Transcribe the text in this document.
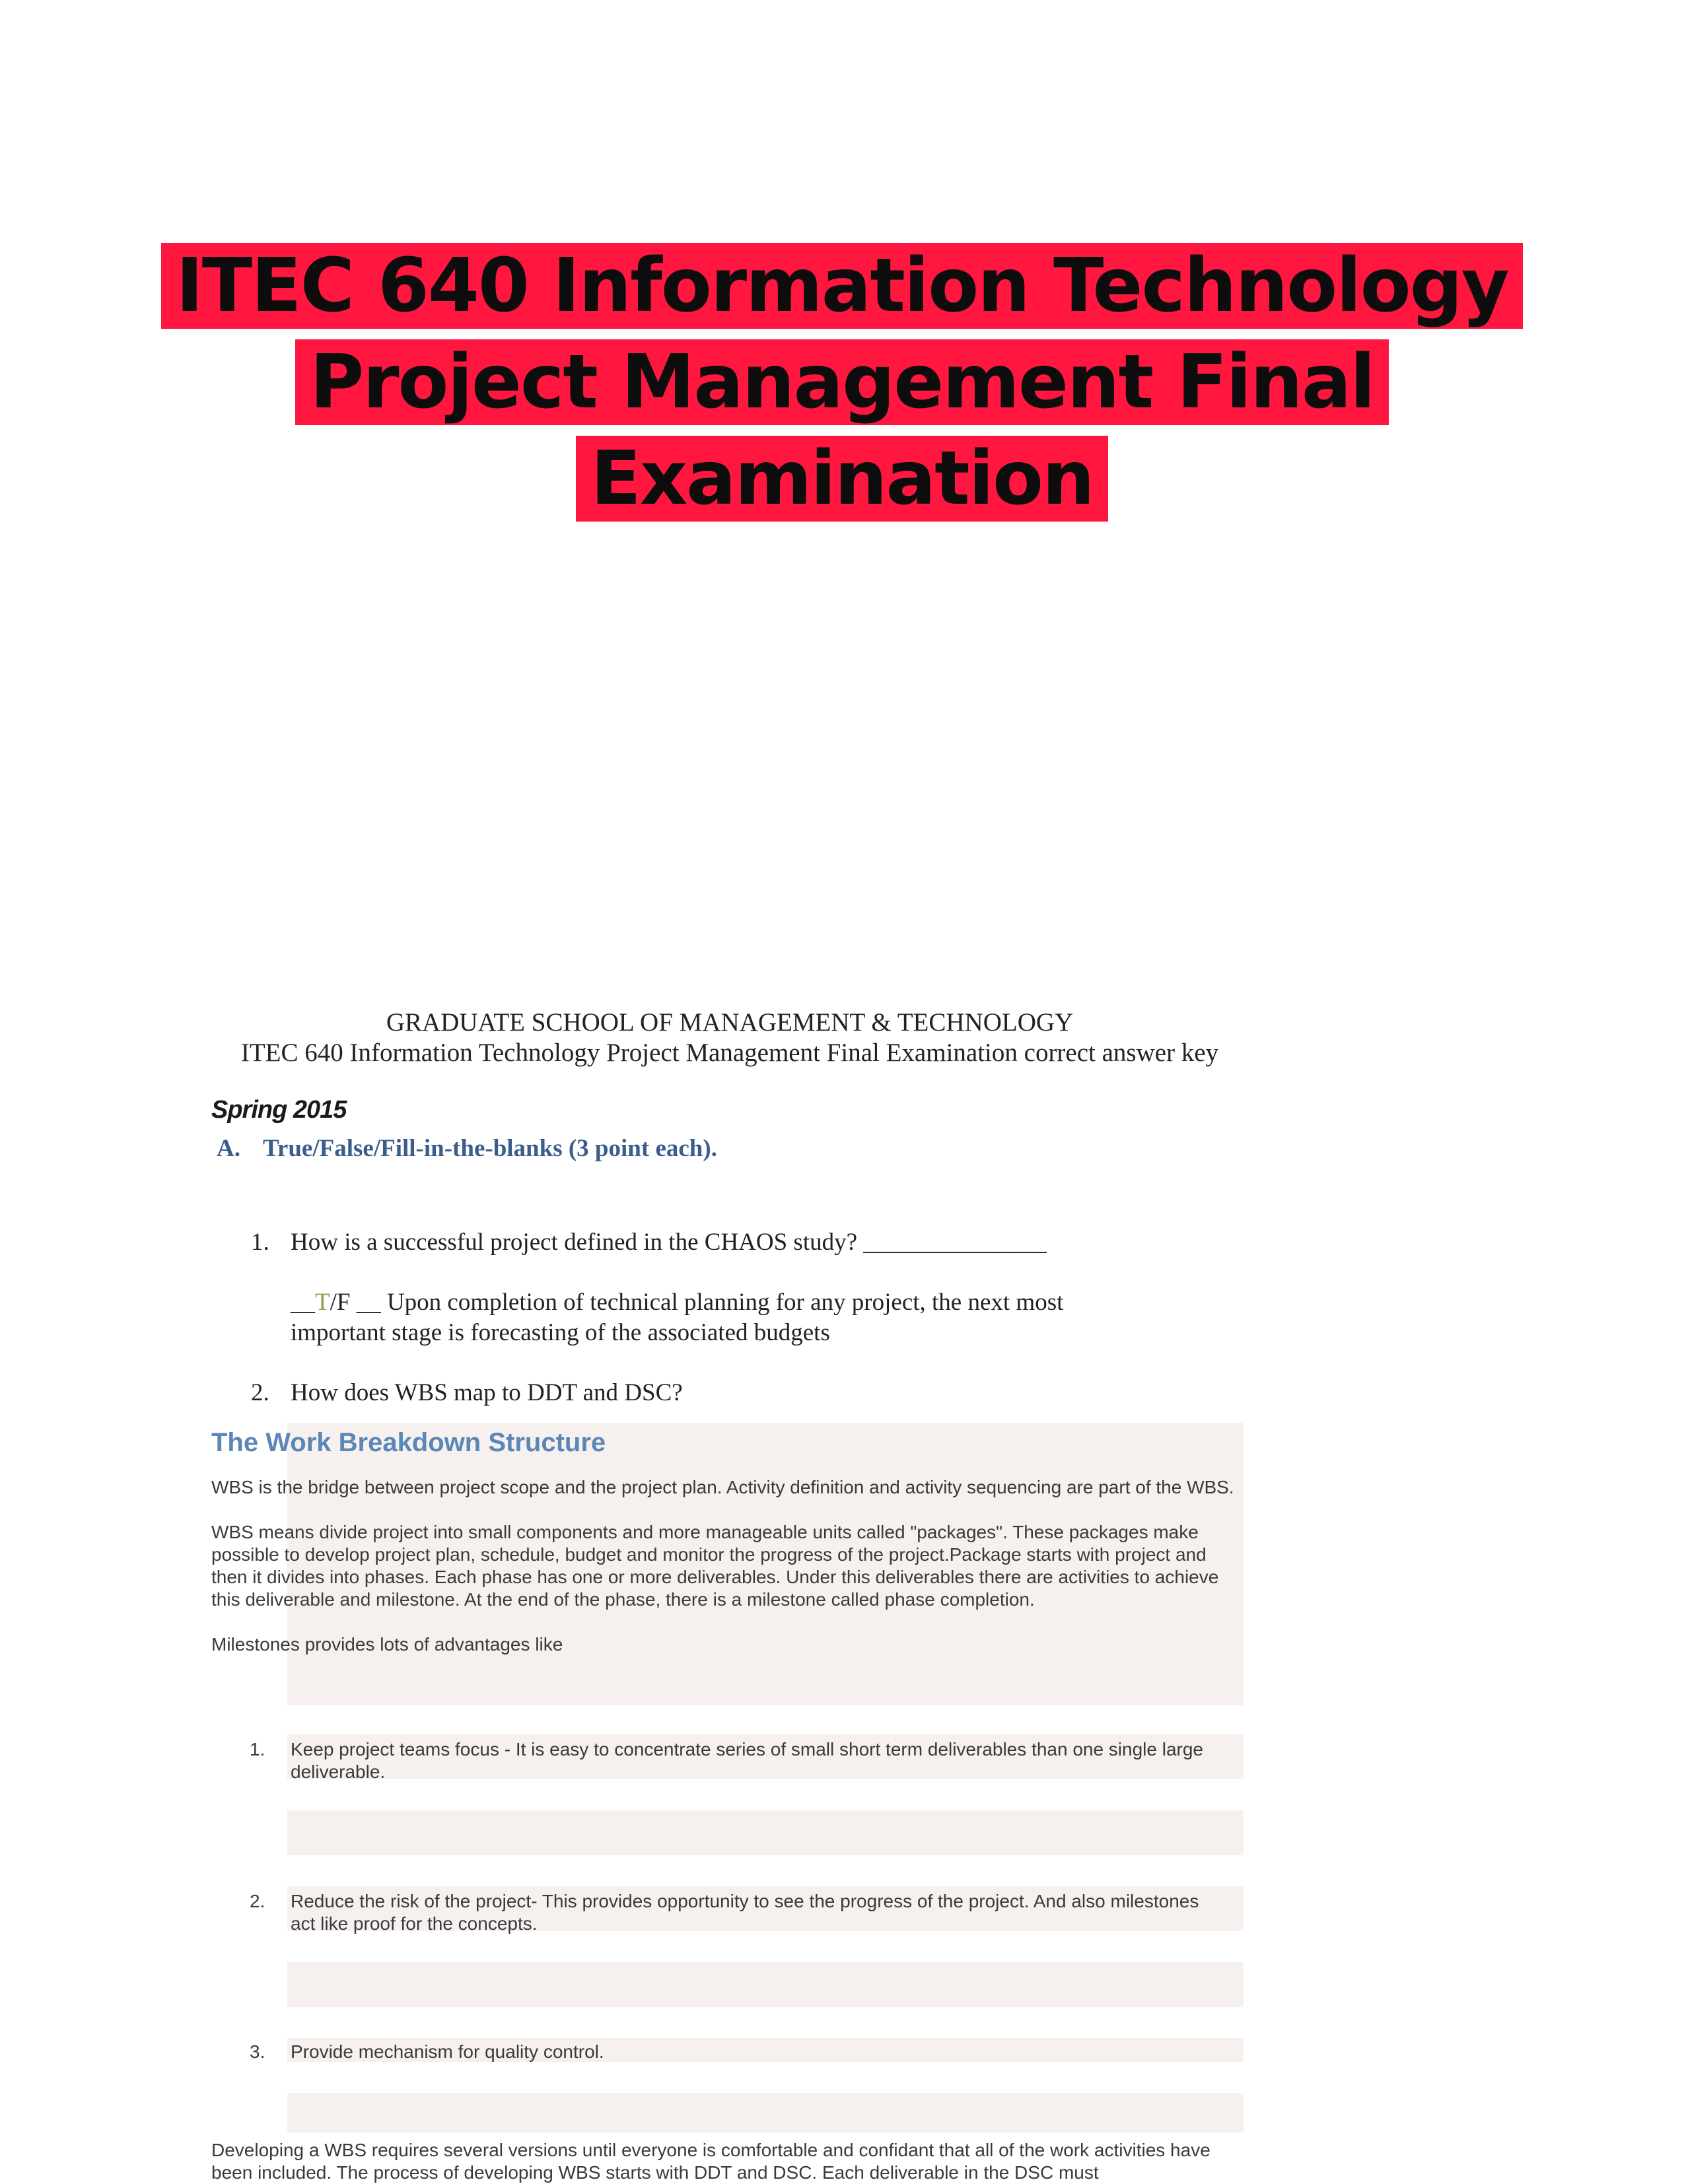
ITEC 640 Information Technology
Project Management Final
Examination
GRADUATE SCHOOL OF MANAGEMENT & TECHNOLOGY
ITEC 640 Information Technology Project Management Final Examination correct answer key
Spring 2015
A. True/False/Fill-in-the-blanks (3 point each).
1. How is a successful project defined in the CHAOS study? _______________
__T/F __ Upon completion of technical planning for any project, the next most
important stage is forecasting of the associated budgets
2. How does WBS map to DDT and DSC?
The Work Breakdown Structure
WBS is the bridge between project scope and the project plan. Activity definition and activity sequencing are part of the WBS.
WBS means divide project into small components and more manageable units called "packages". These packages make possible to develop project plan, schedule, budget and monitor the progress of the project.Package starts with project and then it divides into phases. Each phase has one or more deliverables. Under this deliverables there are activities to achieve this deliverable and milestone. At the end of the phase, there is a milestone called phase completion.
Milestones provides lots of advantages like
1. Keep project teams focus - It is easy to concentrate series of small short term deliverables than one single large deliverable.
2. Reduce the risk of the project- This provides opportunity to see the progress of the project. And also milestones act like proof for the concepts.
3. Provide mechanism for quality control.
Developing a WBS requires several versions until everyone is comfortable and confidant that all of the work activities have been included. The process of developing WBS starts with DDT and DSC. Each deliverable in the DSC must
